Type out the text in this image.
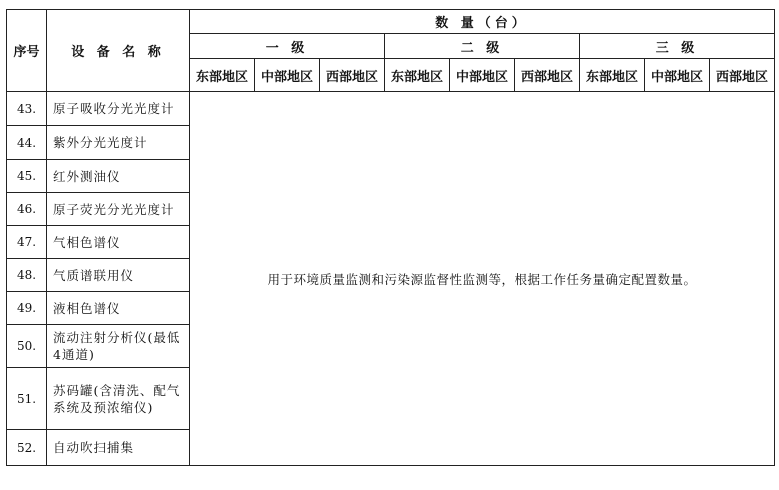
序号	设 备 名 称	数 量（台）								
		一 级			二 级			三 级		
		东部地区	中部地区	西部地区	东部地区	中部地区	西部地区	东部地区	中部地区	西部地区
43.	原子吸收分光光度计	用于环境质量监测和污染源监督性监测等，根据工作任务量确定配置数量。								
44.	紫外分光光度计									
45.	红外测油仪									
46.	原子荧光分光光度计									
47.	气相色谱仪									
48.	气质谱联用仪									
49.	液相色谱仪									
50.	流动注射分析仪(最低4通道)									
51.	苏码罐(含清洗、配气系统及预浓缩仪)									
52.	自动吹扫捕集									
